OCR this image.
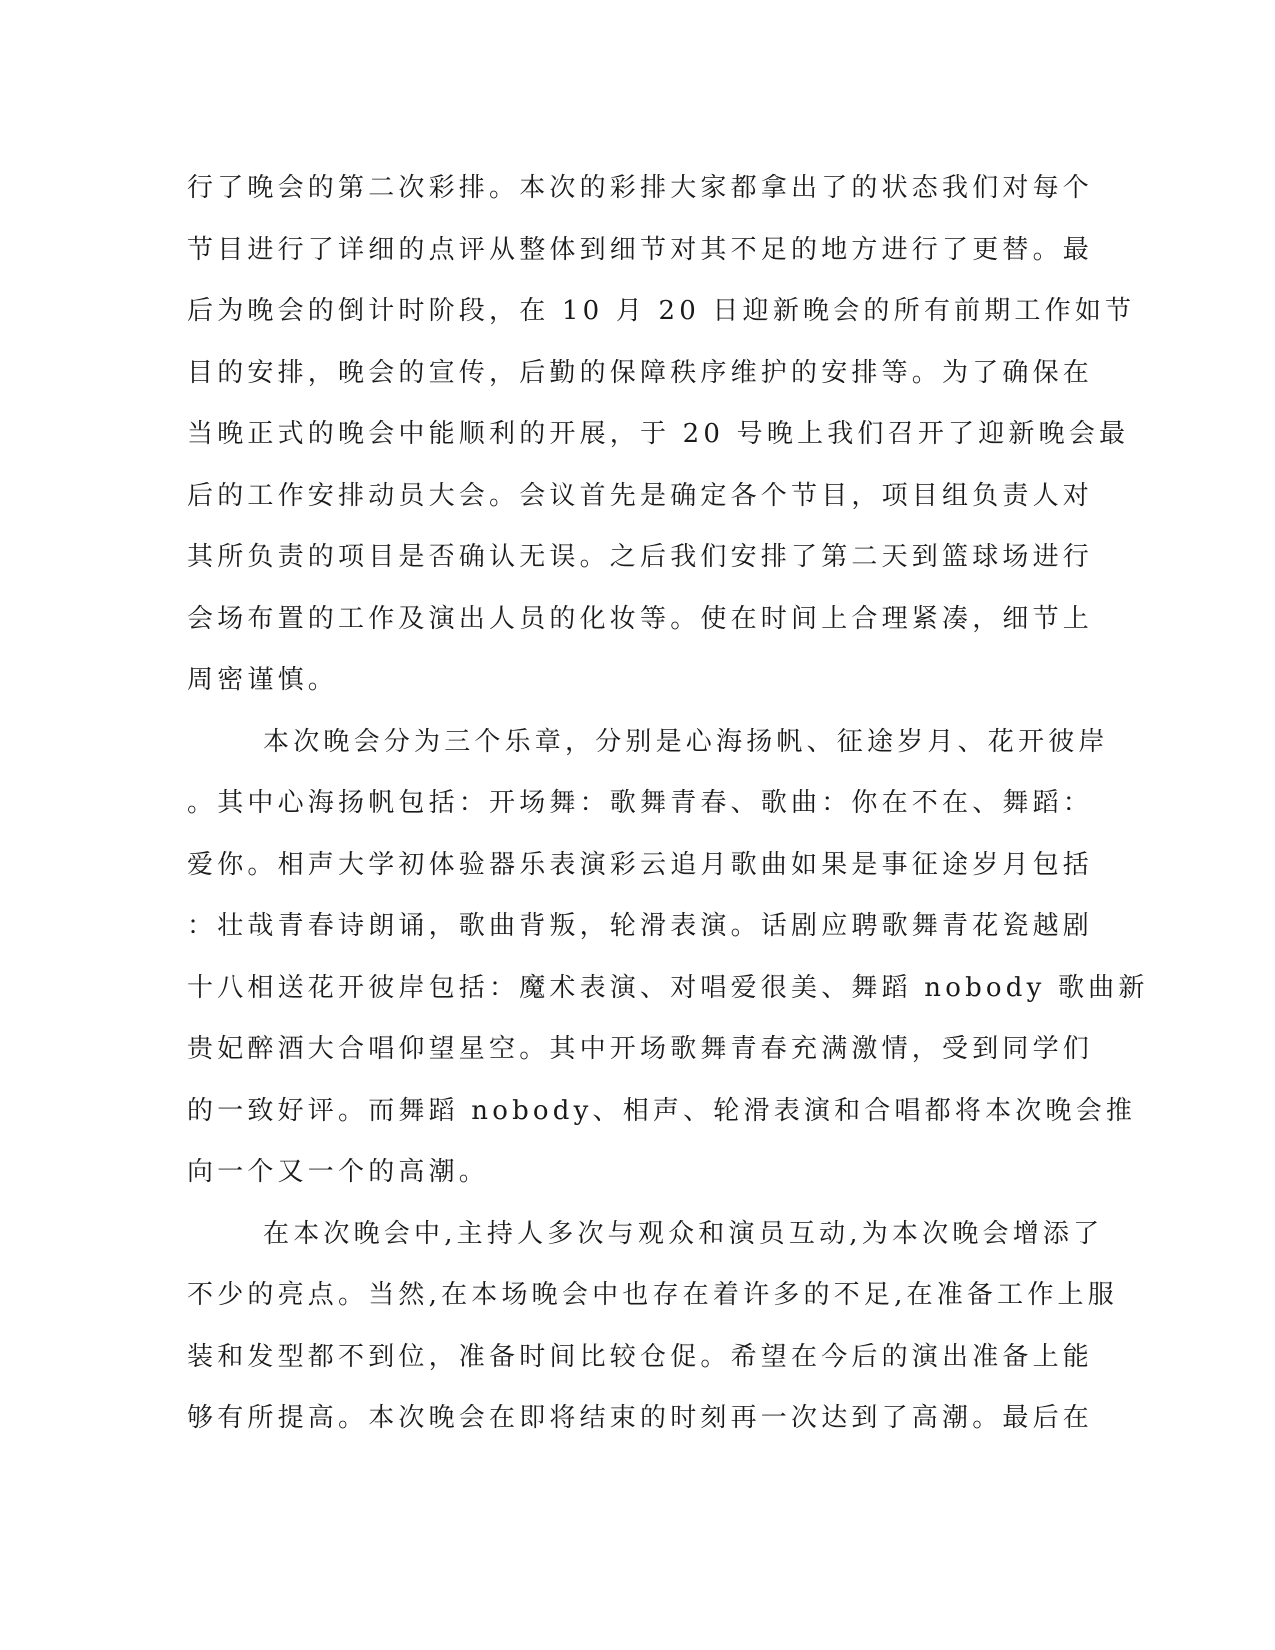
行了晚会的第二次彩排。本次的彩排大家都拿出了的状态我们对每个
节目进行了详细的点评从整体到细节对其不足的地方进行了更替。最
后为晚会的倒计时阶段，在 10 月 20 日迎新晚会的所有前期工作如节
目的安排，晚会的宣传，后勤的保障秩序维护的安排等。为了确保在
当晚正式的晚会中能顺利的开展，于 20 号晚上我们召开了迎新晚会最
后的工作安排动员大会。会议首先是确定各个节目，项目组负责人对
其所负责的项目是否确认无误。之后我们安排了第二天到篮球场进行
会场布置的工作及演出人员的化妆等。使在时间上合理紧凑，细节上
周密谨慎。
本次晚会分为三个乐章，分别是心海扬帆、征途岁月、花开彼岸
。其中心海扬帆包括：开场舞：歌舞青春、歌曲：你在不在、舞蹈：
爱你。相声大学初体验器乐表演彩云追月歌曲如果是事征途岁月包括
：壮哉青春诗朗诵，歌曲背叛，轮滑表演。话剧应聘歌舞青花瓷越剧
十八相送花开彼岸包括：魔术表演、对唱爱很美、舞蹈 nobody 歌曲新
贵妃醉酒大合唱仰望星空。其中开场歌舞青春充满激情，受到同学们
的一致好评。而舞蹈 nobody、相声、轮滑表演和合唱都将本次晚会推
向一个又一个的高潮。
在本次晚会中,主持人多次与观众和演员互动,为本次晚会增添了
不少的亮点。当然,在本场晚会中也存在着许多的不足,在准备工作上服
装和发型都不到位，准备时间比较仓促。希望在今后的演出准备上能
够有所提高。本次晚会在即将结束的时刻再一次达到了高潮。最后在
